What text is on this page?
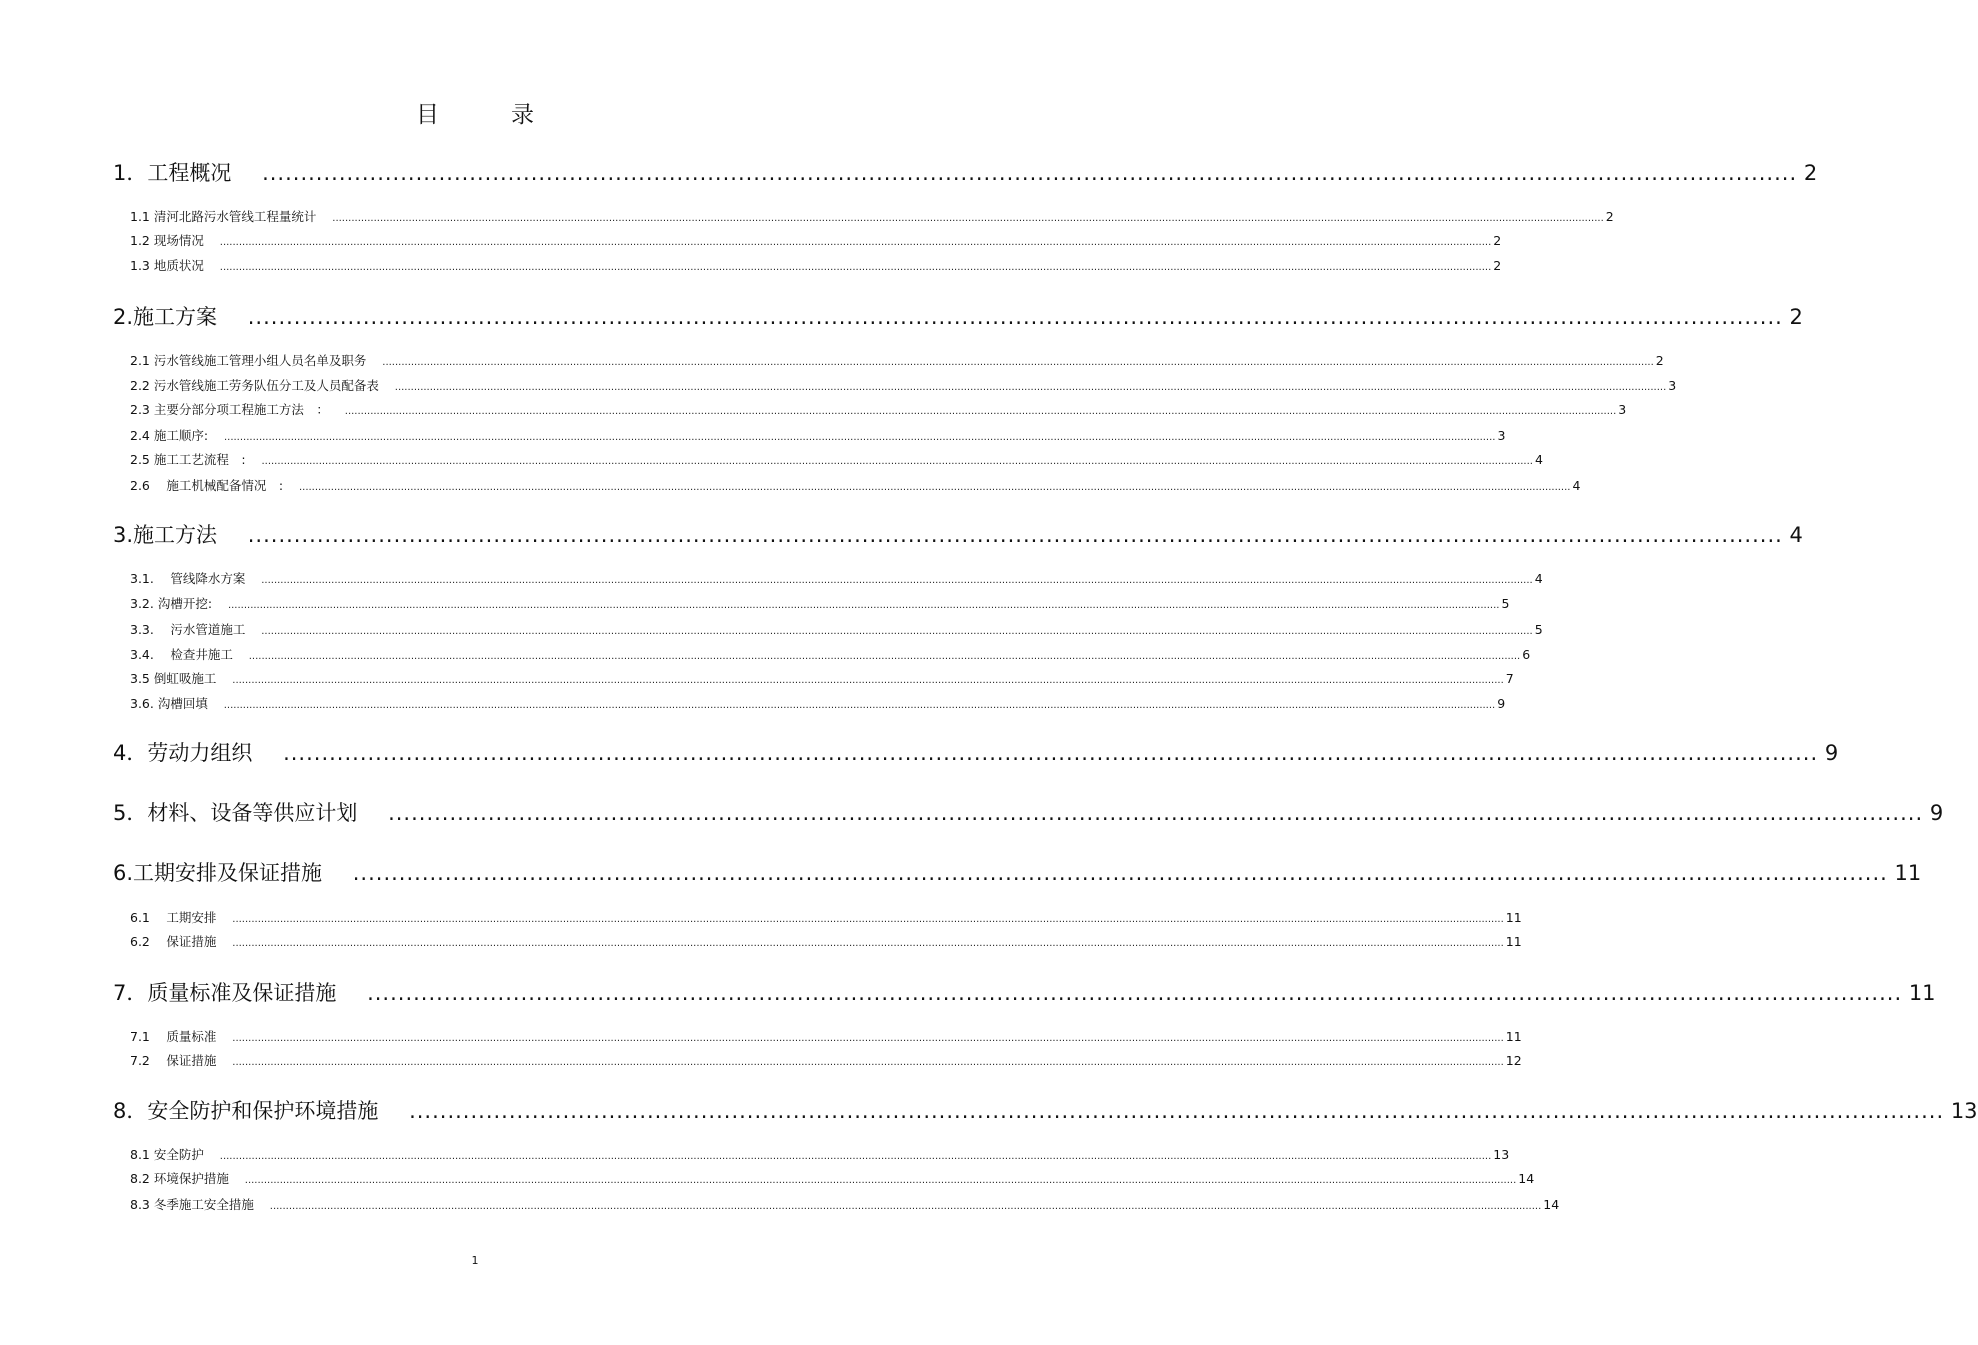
目	录
1． 工程概况 ........................................................................................................................................................................................................ 2
1.1 清河北路污水管线工程量统计 ................................................................................................................................................................................................................................................................................................................................................................................................................ 2
1.2 现场情况 ................................................................................................................................................................................................................................................................................................................................................................................................................ 2
1.3 地质状况 ................................................................................................................................................................................................................................................................................................................................................................................................................ 2
2. 施工方案 ........................................................................................................................................................................................................ 2
2.1 污水管线施工管理小组人员名单及职务 ................................................................................................................................................................................................................................................................................................................................................................................................................ 2
2.2 污水管线施工劳务队伍分工及人员配备表 ................................................................................................................................................................................................................................................................................................................................................................................................................ 3
2.3 主要分部分项工程施工方法　： ................................................................................................................................................................................................................................................................................................................................................................................................................ 3
2.4 施工顺序: ................................................................................................................................................................................................................................................................................................................................................................................................................ 3
2.5 施工工艺流程　: ................................................................................................................................................................................................................................................................................................................................................................................................................ 4
2.6 　施工机械配备情况　: ................................................................................................................................................................................................................................................................................................................................................................................................................ 4
3. 施工方法 ........................................................................................................................................................................................................ 4
3.1. 　管线降水方案 ................................................................................................................................................................................................................................................................................................................................................................................................................ 4
3.2. 沟槽开挖: ................................................................................................................................................................................................................................................................................................................................................................................................................ 5
3.3. 　污水管道施工 ................................................................................................................................................................................................................................................................................................................................................................................................................ 5
3.4. 　检查井施工 ................................................................................................................................................................................................................................................................................................................................................................................................................ 6
3.5 倒虹吸施工 ................................................................................................................................................................................................................................................................................................................................................................................................................ 7
3.6. 沟槽回填 ................................................................................................................................................................................................................................................................................................................................................................................................................ 9
4． 劳动力组织 ........................................................................................................................................................................................................ 9
5． 材料、设备等供应计划 ........................................................................................................................................................................................................ 9
6. 工期安排及保证措施 ........................................................................................................................................................................................................ 11
6.1 　工期安排 ................................................................................................................................................................................................................................................................................................................................................................................................................ 11
6.2 　保证措施 ................................................................................................................................................................................................................................................................................................................................................................................................................ 11
7． 质量标准及保证措施 ........................................................................................................................................................................................................ 11
7.1 　质量标准 ................................................................................................................................................................................................................................................................................................................................................................................................................ 11
7.2 　保证措施 ................................................................................................................................................................................................................................................................................................................................................................................................................ 12
8． 安全防护和保护环境措施 ........................................................................................................................................................................................................ 13
8.1 安全防护 ................................................................................................................................................................................................................................................................................................................................................................................................................ 13
8.2 环境保护措施 ................................................................................................................................................................................................................................................................................................................................................................................................................ 14
8.3 冬季施工安全措施 ................................................................................................................................................................................................................................................................................................................................................................................................................ 14
1
